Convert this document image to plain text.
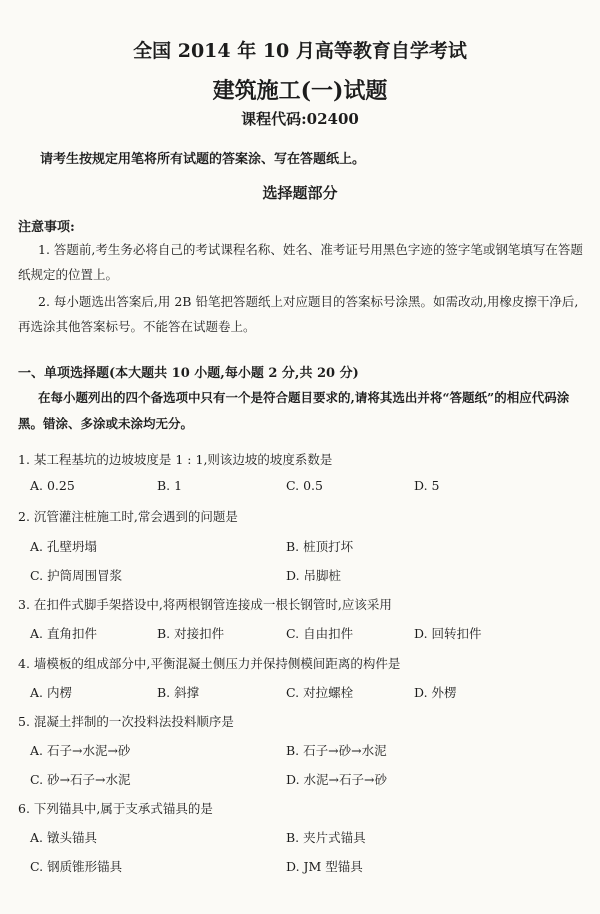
全国 2014 年 10 月高等教育自学考试
建筑施工(一)试题
课程代码:02400
请考生按规定用笔将所有试题的答案涂、写在答题纸上。
选择题部分
注意事项:
1. 答题前,考生务必将自己的考试课程名称、姓名、准考证号用黑色字迹的签字笔或钢笔填写在答题纸规定的位置上。
2. 每小题选出答案后,用 2B 铅笔把答题纸上对应题目的答案标号涂黑。如需改动,用橡皮擦干净后,再选涂其他答案标号。不能答在试题卷上。
一、单项选择题(本大题共 10 小题,每小题 2 分,共 20 分)
在每小题列出的四个备选项中只有一个是符合题目要求的,请将其选出并将“答题纸”的相应代码涂黑。错涂、多涂或未涂均无分。
1. 某工程基坑的边坡坡度是 1 : 1,则该边坡的坡度系数是
A. 0.25	B. 1	C. 0.5	D. 5
2. 沉管灌注桩施工时,常会遇到的问题是
A. 孔壁坍塌	B. 桩顶打坏
C. 护筒周围冒浆	D. 吊脚桩
3. 在扣件式脚手架搭设中,将两根钢管连接成一根长钢管时,应该采用
A. 直角扣件	B. 对接扣件	C. 自由扣件	D. 回转扣件
4. 墙模板的组成部分中,平衡混凝土侧压力并保持侧模间距离的构件是
A. 内楞	B. 斜撑	C. 对拉螺栓	D. 外楞
5. 混凝土拌制的一次投料法投料顺序是
A. 石子→水泥→砂	B. 石子→砂→水泥
C. 砂→石子→水泥	D. 水泥→石子→砂
6. 下列锚具中,属于支承式锚具的是
A. 镦头锚具	B. 夹片式锚具
C. 钢质锥形锚具	D. JM 型锚具
